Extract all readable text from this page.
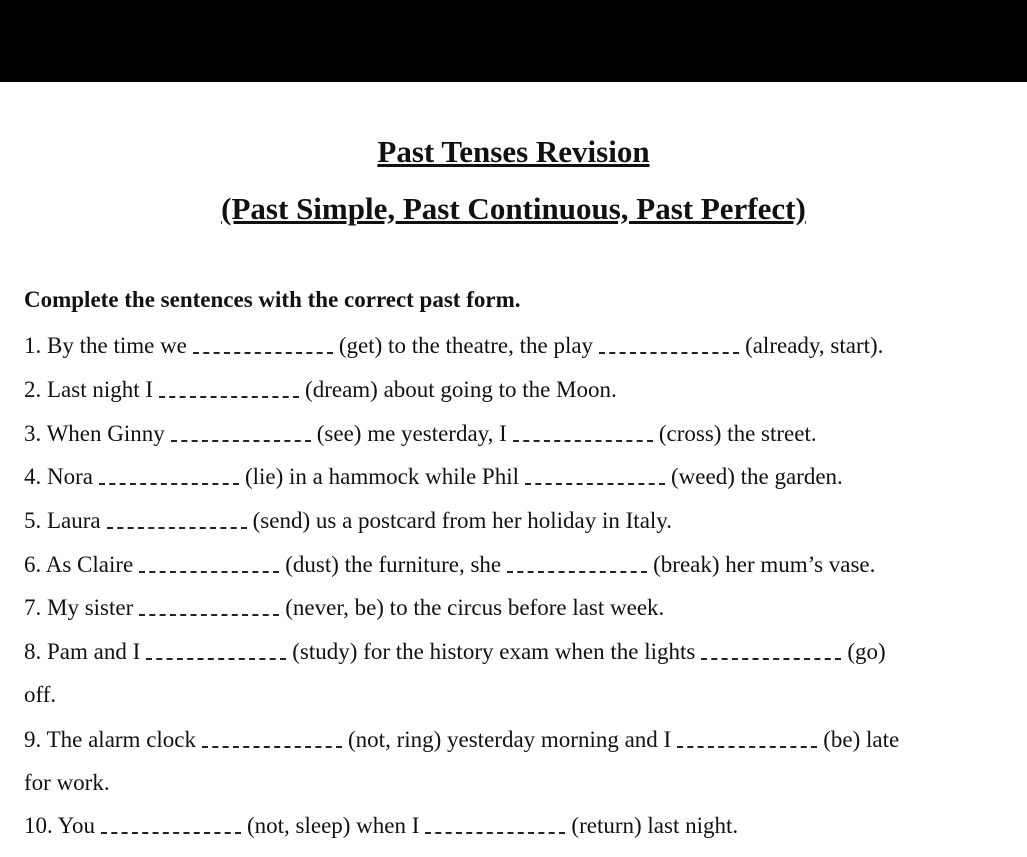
Past Tenses Revision
(Past Simple, Past Continuous, Past Perfect)
Complete the sentences with the correct past form.
1. By the time we	(get) to the theatre, the play	(already, start).
2. Last night I	(dream) about going to the Moon.
3. When Ginny	(see) me yesterday, I	(cross) the street.
4. Nora	(lie) in a hammock while Phil	(weed) the garden.
5. Laura	(send) us a postcard from her holiday in Italy.
6. As Claire	(dust) the furniture, she	(break) her mum’s vase.
7. My sister	(never, be) to the circus before last week.
8. Pam and I	(study) for the history exam when the lights	(go)
off.
9. The alarm clock	(not, ring) yesterday morning and I	(be) late
for work.
10. You	(not, sleep) when I	(return) last night.
